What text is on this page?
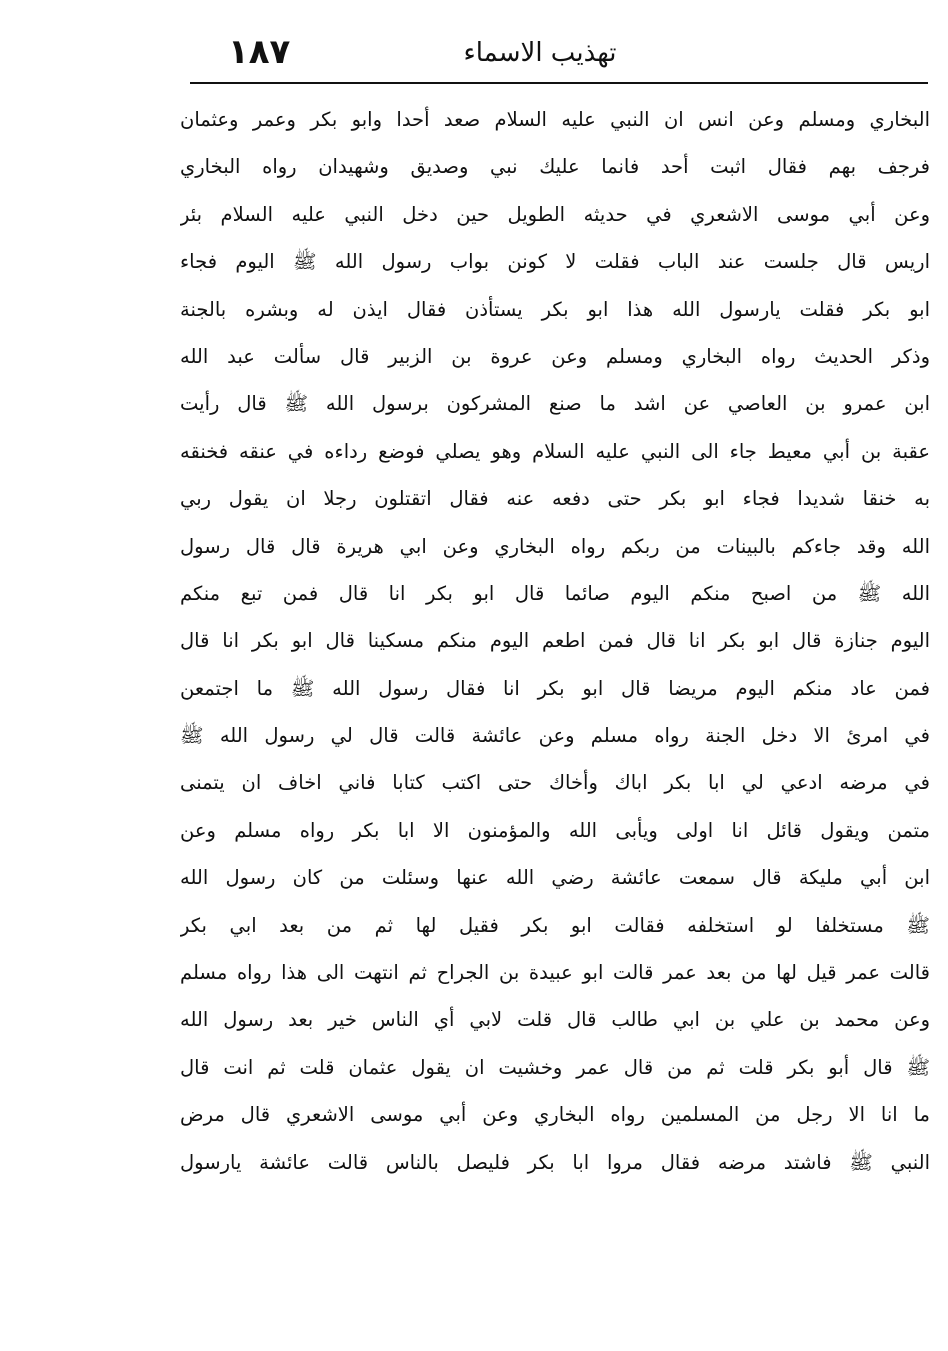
١٨٧	تهذيب الاسماء
البخاري ومسلم وعن انس ان النبي عليه السلام صعد أحدا وابو بكر وعمر وعثمان
فرجف بهم فقال اثبت أحد فانما عليك نبي وصديق وشهيدان رواه البخاري
وعن أبي موسى الاشعري في حديثه الطويل حين دخل النبي عليه السلام بئر
اريس قال جلست عند الباب فقلت لا كونن بواب رسول الله ﷺ اليوم فجاء
ابو بكر فقلت يارسول الله هذا ابو بكر يستأذن فقال ايذن له وبشره بالجنة
وذكر الحديث رواه البخاري ومسلم وعن عروة بن الزبير قال سألت عبد الله
ابن عمرو بن العاصي عن اشد ما صنع المشركون برسول الله ﷺ قال رأيت
عقبة بن أبي معيط جاء الى النبي عليه السلام وهو يصلي فوضع رداءه في عنقه فخنقه
به خنقا شديدا فجاء ابو بكر حتى دفعه عنه فقال اتقتلون رجلا ان يقول ربي
الله وقد جاءكم بالبينات من ربكم رواه البخاري وعن ابي هريرة قال قال رسول
الله ﷺ من اصبح منكم اليوم صائما قال ابو بكر انا قال فمن تبع منكم
اليوم جنازة قال ابو بكر انا قال فمن اطعم اليوم منكم مسكينا قال ابو بكر انا قال
فمن عاد منكم اليوم مريضا قال ابو بكر انا فقال رسول الله ﷺ ما اجتمعن
في امرئ الا دخل الجنة رواه مسلم وعن عائشة قالت قال لي رسول الله ﷺ
في مرضه ادعي لي ابا بكر اباك وأخاك حتى اكتب كتابا فاني اخاف ان يتمنى
متمن ويقول قائل انا اولى ويأبى الله والمؤمنون الا ابا بكر رواه مسلم وعن
ابن أبي مليكة قال سمعت عائشة رضي الله عنها وسئلت من كان رسول الله
ﷺ مستخلفا لو استخلفه فقالت ابو بكر فقيل لها ثم من بعد ابي بكر
قالت عمر قيل لها من بعد عمر قالت ابو عبيدة بن الجراح ثم انتهت الى هذا رواه مسلم
وعن محمد بن علي بن ابي طالب قال قلت لابي أي الناس خير بعد رسول الله
ﷺ قال أبو بكر قلت ثم من قال عمر وخشيت ان يقول عثمان قلت ثم انت قال
ما انا الا رجل من المسلمين رواه البخاري وعن أبي موسى الاشعري قال مرض
النبي ﷺ فاشتد مرضه فقال مروا ابا بكر فليصل بالناس قالت عائشة يارسول
